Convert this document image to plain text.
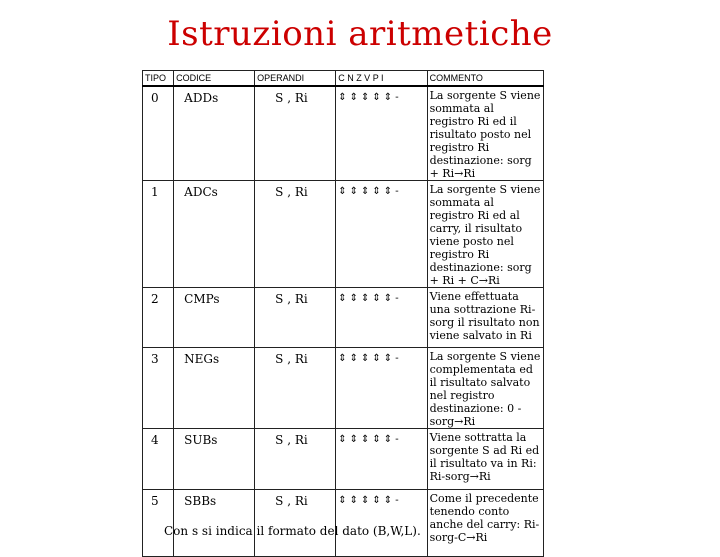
Istruzioni aritmetiche
TIPO	CODICE	OPERANDI	C N Z V P I	COMMENTO
0	ADDs	S , Ri	⇕⇕⇕⇕⇕-	La sorgente S viene sommata al registro Ri ed il risultato posto nel registro Ri destinazione: sorg + Ri→Ri
1	ADCs	S , Ri	⇕⇕⇕⇕⇕-	La sorgente S viene sommata al registro Ri ed al carry, il risultato viene posto nel registro Ri destinazione: sorg + Ri + C→Ri
2	CMPs	S , Ri	⇕⇕⇕⇕⇕-	Viene effettuata una sottrazione Ri-sorg il risultato non viene salvato in Ri
3	NEGs	S , Ri	⇕⇕⇕⇕⇕-	La sorgente S viene complementata ed il risultato salvato nel registro destinazione: 0 - sorg→Ri
4	SUBs	S , Ri	⇕⇕⇕⇕⇕-	Viene sottratta la sorgente S ad Ri ed il risultato va in Ri: Ri-sorg→Ri
5	SBBs	S , Ri	⇕⇕⇕⇕⇕-	Come il precedente tenendo conto anche del carry: Ri-sorg-C→Ri
Con s si indica il formato del dato (B,W,L).
